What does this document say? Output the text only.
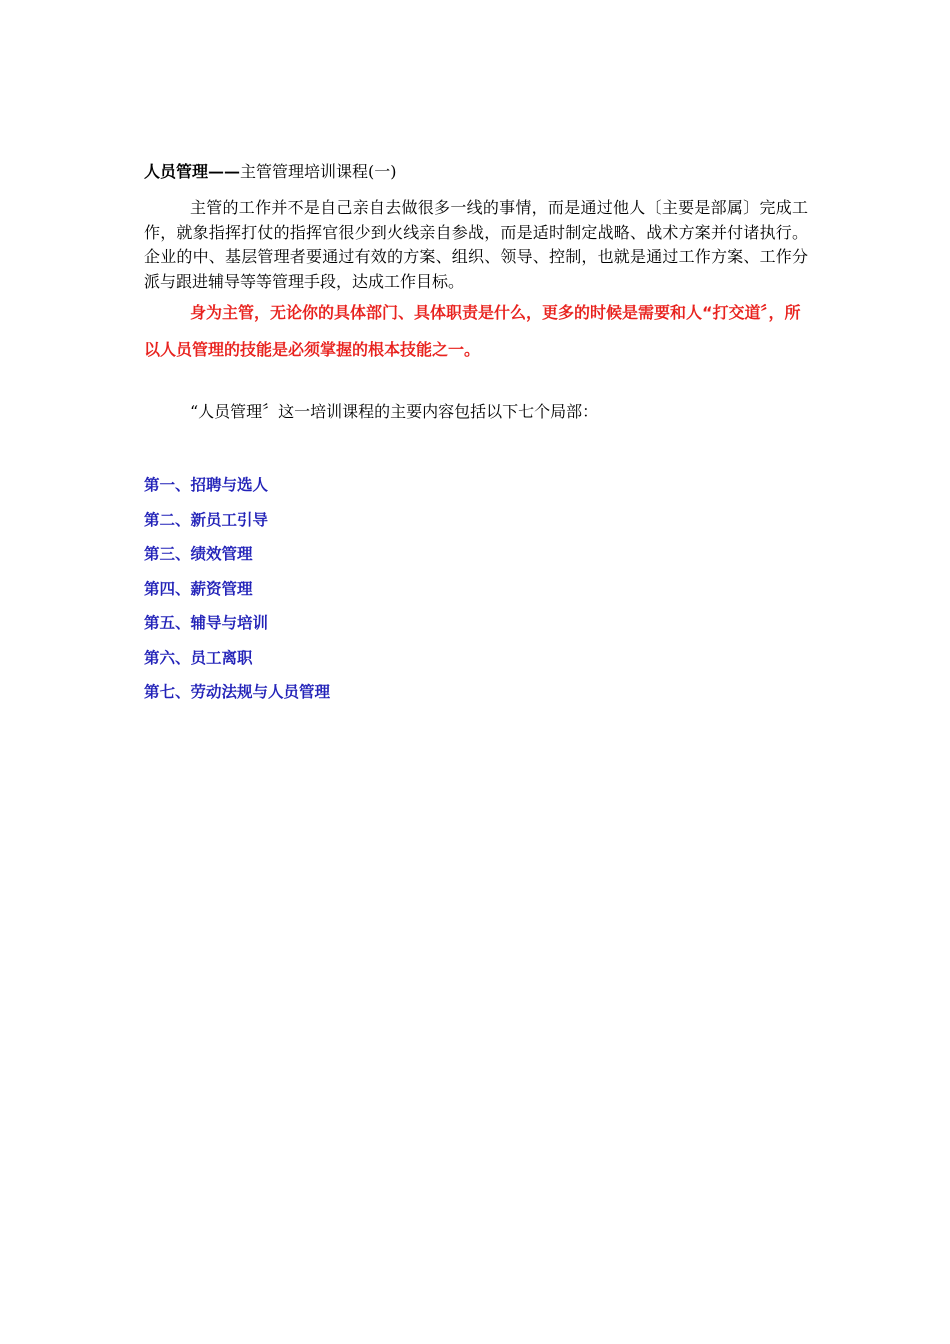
人员管理——主管管理培训课程(一)

主管的工作并不是自己亲自去做很多一线的事情，而是通过他人〔主要是部属〕完成工作，就象指挥打仗的指挥官很少到火线亲自参战，而是适时制定战略、战术方案并付诸执行。企业的中、基层管理者要通过有效的方案、组织、领导、控制，也就是通过工作方案、工作分派与跟进辅导等等管理手段，达成工作目标。

身为主管，无论你的具体部门、具体职责是什么，更多的时候是需要和人“打交道〞，所以人员管理的技能是必须掌握的根本技能之一。

“人员管理〞这一培训课程的主要内容包括以下七个局部：

第一、招聘与选人
第二、新员工引导
第三、绩效管理
第四、薪资管理
第五、辅导与培训
第六、员工离职
第七、劳动法规与人员管理
